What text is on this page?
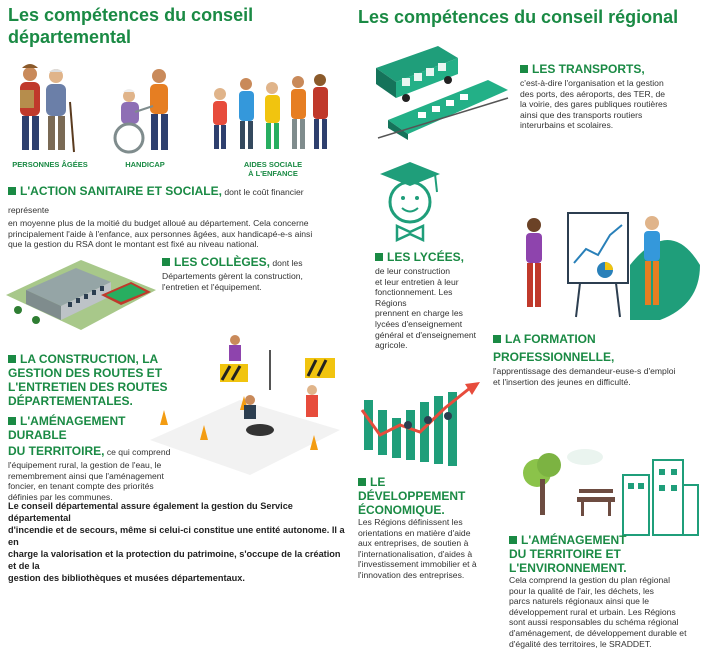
Les compétences du conseil
départemental
PERSONNES ÂGÉES	HANDICAP	AIDES SOCIALE
À L'ENFANCE
L'ACTION SANITAIRE ET SOCIALE, dont le coût financier représente
en moyenne plus de la moitié du budget alloué au département. Cela concerne
principalement l'aide à l'enfance, aux personnes âgées, aux handicapé-e-s ainsi
que la gestion du RSA dont le montant est fixé au niveau national.
LES COLLÈGES, dont les
Départements gèrent la construction,
l'entretien et l'équipement.
LA CONSTRUCTION, LA
GESTION DES ROUTES ET
L'ENTRETIEN DES ROUTES
DÉPARTEMENTALES.
L'AMÉNAGEMENT DURABLE
DU TERRITOIRE, ce qui comprend
l'équipement rural, la gestion de l'eau, le
remembrement ainsi que l'aménagement
foncier, en tenant compte des priorités
définies par les communes.
Le conseil départemental assure également la gestion du Service départemental
d'incendie et de secours, même si celui-ci constitue une entité autonome. Il a en
charge la valorisation et la protection du patrimoine, s'occupe de la création et de la
gestion des bibliothèques et musées départementaux.
Les compétences du conseil régional
LES TRANSPORTS,
c'est-à-dire l'organisation et la gestion
des ports, des aéroports, des TER, de
la voirie, des gares publiques routières
ainsi que des transports routiers
interurbains et scolaires.
LES LYCÉES,
de leur construction
et leur entretien à leur
fonctionnement. Les Régions
prennent en charge les
lycées d'enseignement
général et d'enseignement
agricole.	LA FORMATION PROFESSIONNELLE,
l'apprentissage des demandeur-euse-s d'emploi
et l'insertion des jeunes en difficulté.
LE DÉVELOPPEMENT
ÉCONOMIQUE.
Les Régions définissent les
orientations en matière d'aide
aux entreprises, de soutien à
l'internationalisation, d'aides à
l'investissement immobilier et à
l'innovation des entreprises.
L'AMÉNAGEMENT
DU TERRITOIRE ET
L'ENVIRONNEMENT.
Cela comprend la gestion du plan régional
pour la qualité de l'air, les déchets, les
parcs naturels régionaux ainsi que le
développement rural et urbain. Les Régions
sont aussi responsables du schéma régional
d'aménagement, de développement durable et
d'égalité des territoires, le SRADDET.
